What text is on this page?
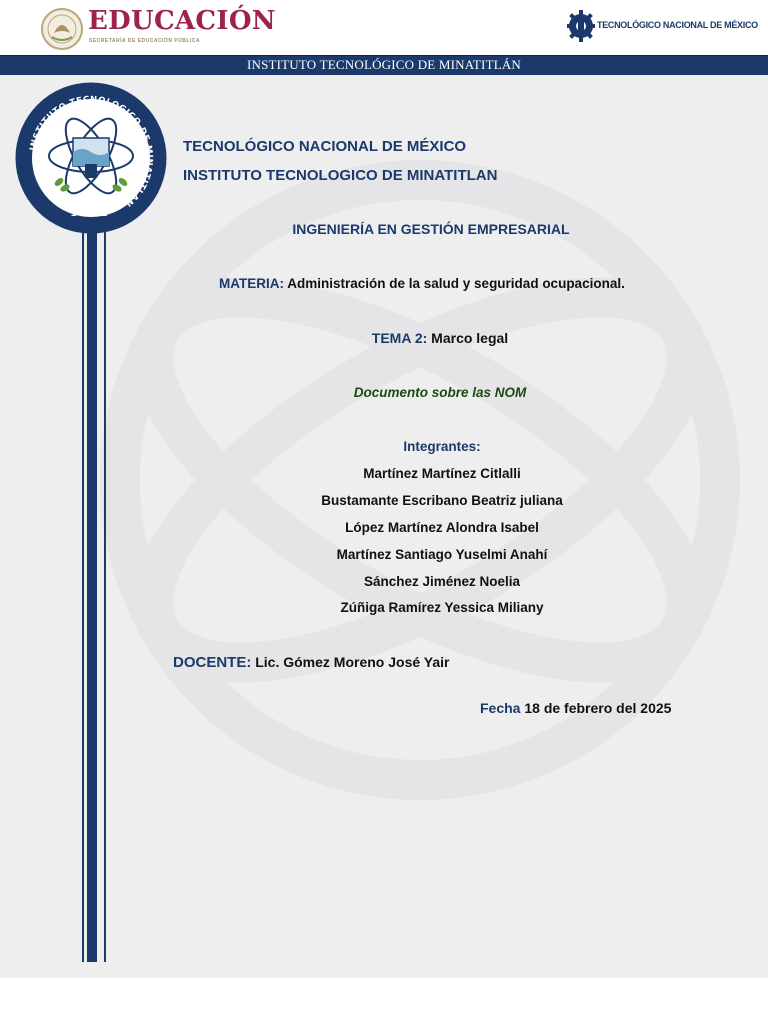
EDUCACIÓN
SECRETARÍA DE EDUCACIÓN PÚBLICA
TECNOLÓGICO NACIONAL DE MÉXICO
INSTITUTO TECNOLÓGICO DE MINATITLÁN
INSTITUTO TECNOLOGICO DE MINATITLAN
1972
TECNOLÓGICO NACIONAL DE MÉXICO
INSTITUTO TECNOLOGICO DE MINATITLAN
INGENIERÍA EN GESTIÓN EMPRESARIAL
MATERIA: Administración de la salud y seguridad ocupacional.
TEMA 2: Marco legal
Documento sobre las NOM
Integrantes:
Martínez Martínez Citlalli
Bustamante Escribano Beatriz juliana
López Martínez Alondra Isabel
Martínez Santiago Yuselmi Anahí
Sánchez Jiménez Noelia
Zúñiga Ramírez Yessica Miliany
DOCENTE: Lic. Gómez Moreno José Yair
Fecha 18 de febrero del 2025
